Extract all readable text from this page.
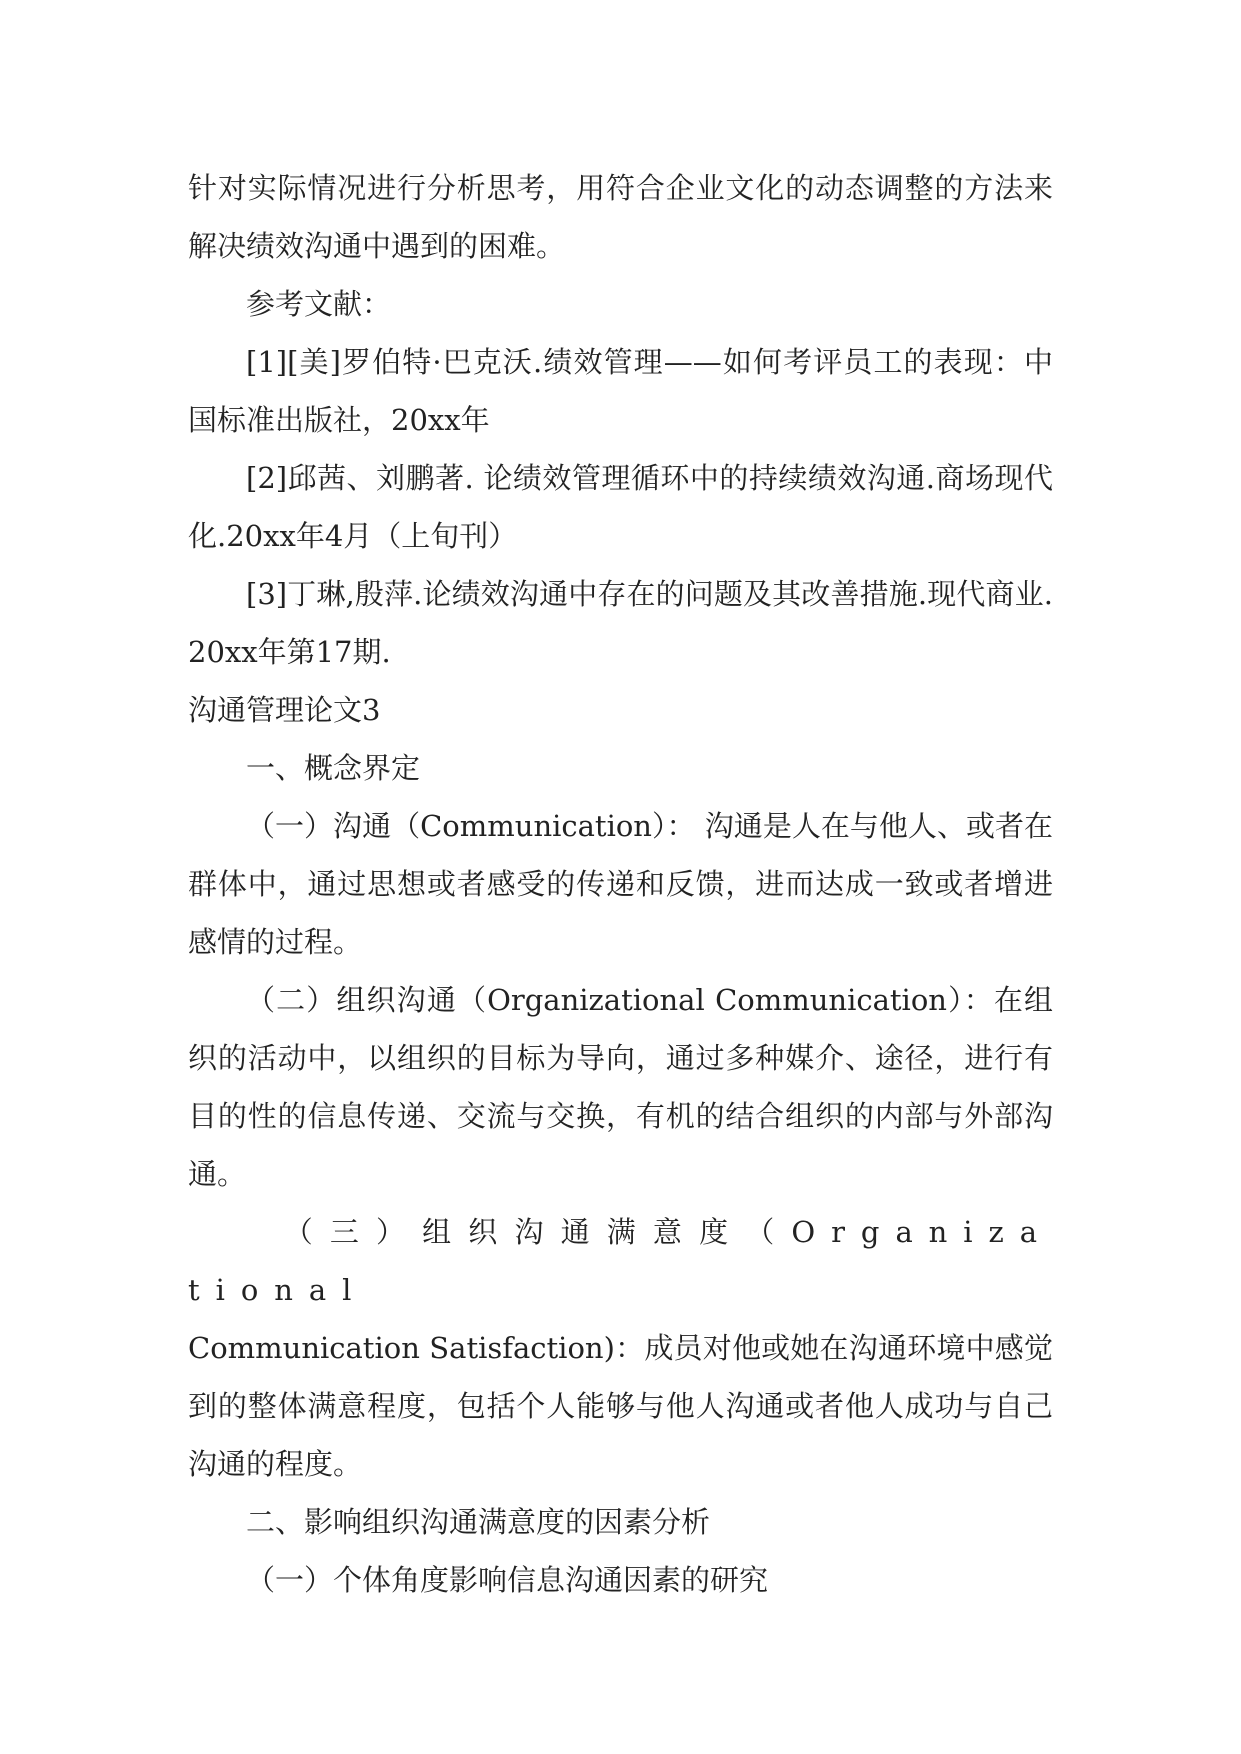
针对实际情况进行分析思考，用符合企业文化的动态调整的方法来解决绩效沟通中遇到的困难。

参考文献：

[1][美]罗伯特·巴克沃.绩效管理——如何考评员工的表现：中国标准出版社，20xx年

[2]邱茜、刘鹏著. 论绩效管理循环中的持续绩效沟通.商场现代化.20xx年4月（上旬刊）

[3]丁琳,殷萍.论绩效沟通中存在的问题及其改善措施.现代商业.20xx年第17期.

沟通管理论文3

一、概念界定

（一）沟通（Communication）： 沟通是人在与他人、或者在群体中，通过思想或者感受的传递和反馈，进而达成一致或者增进感情的过程。

（二）组织沟通（Organizational Communication）：在组织的活动中，以组织的目标为导向，通过多种媒介、途径，进行有目的性的信息传递、交流与交换，有机的结合组织的内部与外部沟通。

（三）组织沟通满意度（Organizational

Communication Satisfaction)：成员对他或她在沟通环境中感觉到的整体满意程度，包括个人能够与他人沟通或者他人成功与自己沟通的程度。

二、影响组织沟通满意度的因素分析

（一）个体角度影响信息沟通因素的研究
